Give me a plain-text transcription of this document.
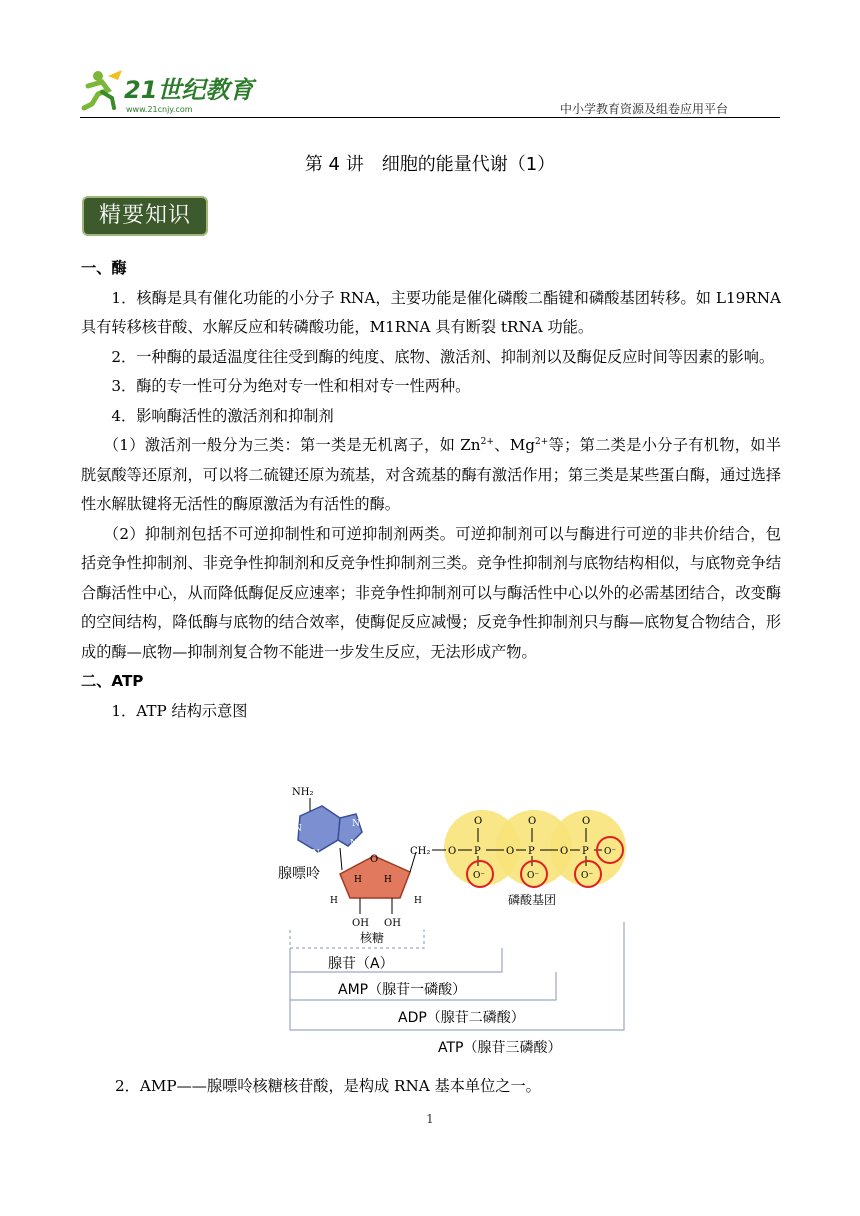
21世纪教育
www.21cnjy.com	中小学教育资源及组卷应用平台
第 4 讲　细胞的能量代谢（1）
精要知识

一、酶

1．核酶是具有催化功能的小分子 RNA，主要功能是催化磷酸二酯键和磷酸基团转移。如 L19RNA 具有转移核苷酸、水解反应和转磷酸功能，M1RNA 具有断裂 tRNA 功能。

2．一种酶的最适温度往往受到酶的纯度、底物、激活剂、抑制剂以及酶促反应时间等因素的影响。

3．酶的专一性可分为绝对专一性和相对专一性两种。

4．影响酶活性的激活剂和抑制剂

（1）激活剂一般分为三类：第一类是无机离子，如 $Zn^{2+}$、$Mg^{2+}$等；第二类是小分子有机物，如半胱氨酸等还原剂，可以将二硫键还原为巯基，对含巯基的酶有激活作用；第三类是某些蛋白酶，通过选择性水解肽键将无活性的酶原激活为有活性的酶。

（2）抑制剂包括不可逆抑制性和可逆抑制剂两类。可逆抑制剂可以与酶进行可逆的非共价结合，包括竞争性抑制剂、非竞争性抑制剂和反竞争性抑制剂三类。竞争性抑制剂与底物结构相似，与底物竞争结合酶活性中心，从而降低酶促反应速率；非竞争性抑制剂可以与酶活性中心以外的必需基团结合，改变酶的空间结构，降低酶与底物的结合效率，使酶促反应减慢；反竞争性抑制剂只与酶—底物复合物结合，形成的酶—底物—抑制剂复合物不能进一步发生反应，无法形成产物。

二、ATP

1．ATP 结构示意图

NH₂
N
N
N
N
腺嘌呤
O
H
H H
H
OH OH
核糖
CH₂ O P
O
O⁻
O P
O
O⁻
O P
O
O⁻
O⁻
磷酸基团
腺苷（A）
AMP（腺苷一磷酸）
ADP（腺苷二磷酸）
ATP（腺苷三磷酸）
2．AMP——腺嘌呤核糖核苷酸，是构成 RNA 基本单位之一。
1
